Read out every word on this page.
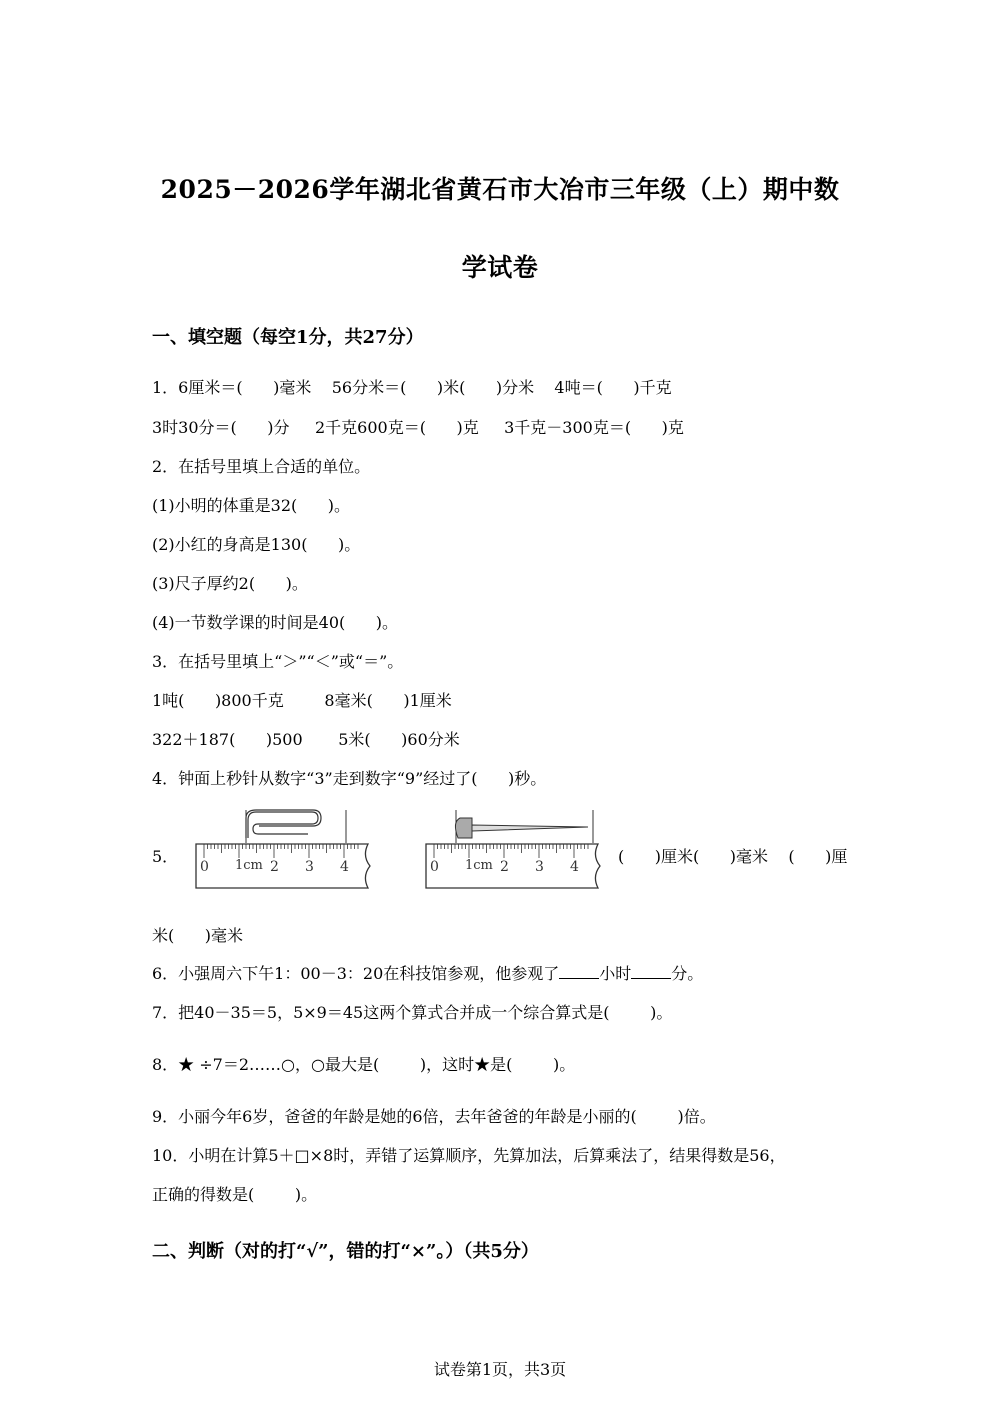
2025－2026学年湖北省黄石市大冶市三年级（上）期中数
学试卷
一、填空题（每空1分，共27分）
1．6厘米＝(      )毫米    56分米＝(      )米(      )分米    4吨＝(      )千克
3时30分＝(      )分     2千克600克＝(      )克     3千克－300克＝(      )克
2．在括号里填上合适的单位。
(1)小明的体重是32(      )。
(2)小红的身高是130(      )。
(3)尺子厚约2(      )。
(4)一节数学课的时间是40(      )。
3．在括号里填上“＞”“＜”或“＝”。
1吨(      )800千克        8毫米(      )1厘米
322＋187(      )500       5米(      )60分米
4．钟面上秒针从数字“3”走到数字“9”经过了(      )秒。
5．
0 1cm 2 3 4	0 1cm 2 3 4
(      )厘米(      )毫米    (      )厘
米(      )毫米
6．小强周六下午1：00－3：20在科技馆参观，他参观了	小时	分。
7．把40－35＝5，5×9＝45这两个算式合并成一个综合算式是(        )。
8．★ ÷7＝2……○，○最大是(        )，这时★是(        )。
9．小丽今年6岁，爸爸的年龄是她的6倍，去年爸爸的年龄是小丽的(        )倍。
10．小明在计算5＋□×8时，弄错了运算顺序，先算加法，后算乘法了，结果得数是56，
正确的得数是(        )。
二、判断（对的打“√”，错的打“×”。）（共5分）
试卷第1页，共3页
